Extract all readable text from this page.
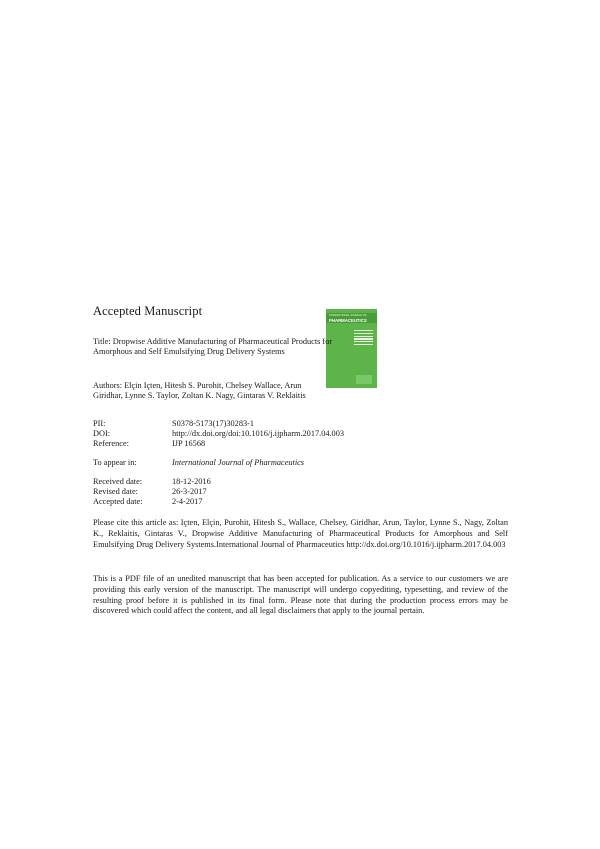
Accepted Manuscript	INTERNATIONAL JOURNAL OF
PHARMACEUTICS
Title: Dropwise Additive Manufacturing of Pharmaceutical Products for Amorphous and Self Emulsifying Drug Delivery Systems
Authors: Elçin Içten, Hitesh S. Purohit, Chelsey Wallace, Arun Giridhar, Lynne S. Taylor, Zoltan K. Nagy, Gintaras V. Reklaitis
PII:	S0378-5173(17)30283-1
DOI:	http://dx.doi.org/doi:10.1016/j.ijpharm.2017.04.003
Reference:	IJP 16568
To appear in:	International Journal of Pharmaceutics
Received date:	18-12-2016
Revised date:	26-3-2017
Accepted date:	2-4-2017
Please cite this article as: Içten, Elçin, Purohit, Hitesh S., Wallace, Chelsey, Giridhar, Arun, Taylor, Lynne S., Nagy, Zoltan K., Reklaitis, Gintaras V., Dropwise Additive Manufacturing of Pharmaceutical Products for Amorphous and Self Emulsifying Drug Delivery Systems.International Journal of Pharmaceutics http://dx.doi.org/10.1016/j.ijpharm.2017.04.003
This is a PDF file of an unedited manuscript that has been accepted for publication. As a service to our customers we are providing this early version of the manuscript. The manuscript will undergo copyediting, typesetting, and review of the resulting proof before it is published in its final form. Please note that during the production process errors may be discovered which could affect the content, and all legal disclaimers that apply to the journal pertain.
